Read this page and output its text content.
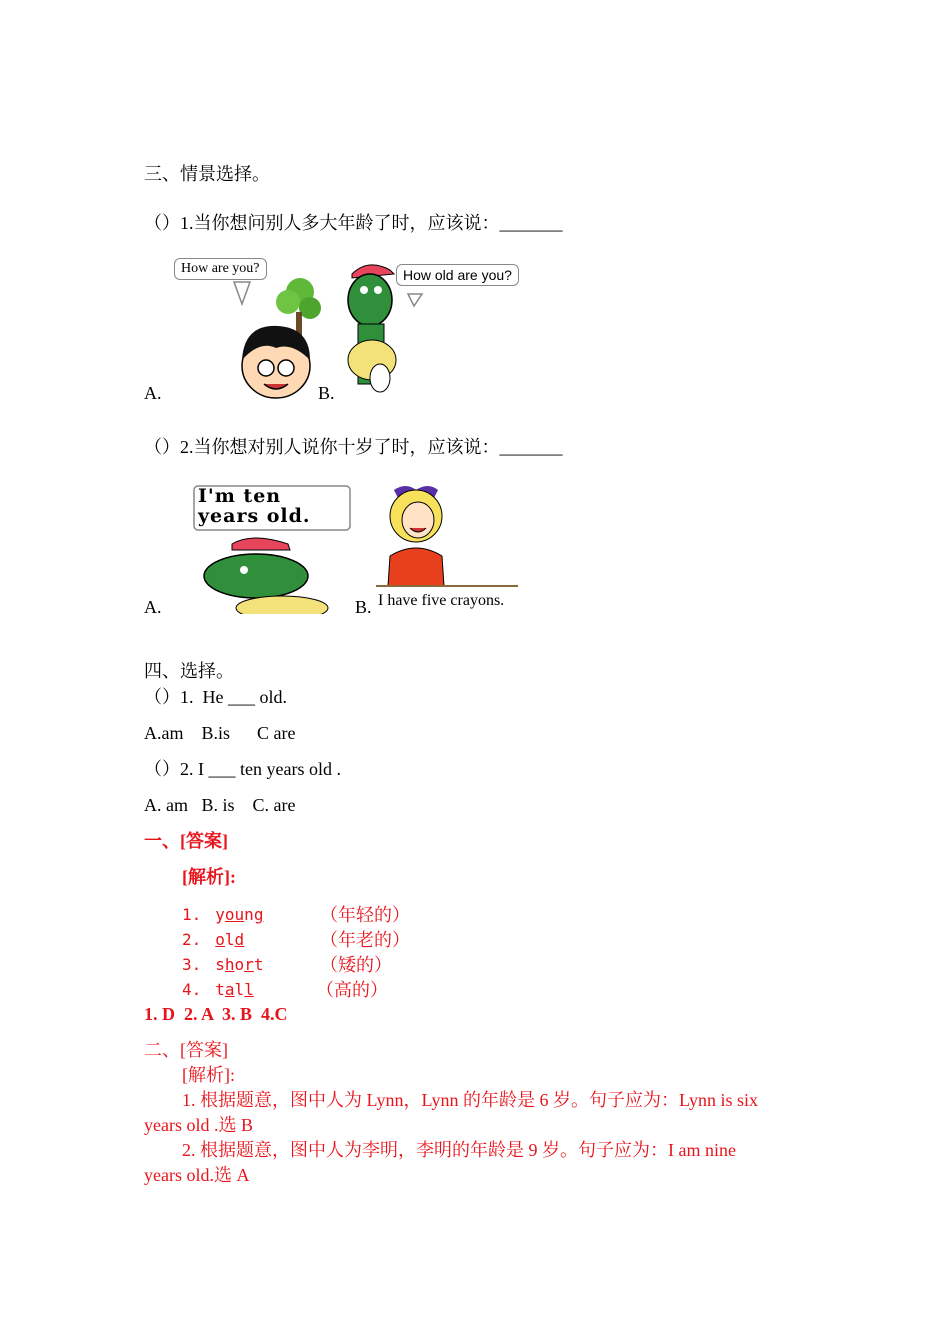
三、情景选择。
（）1.当你想问别人多大年龄了时，应该说：_______
How are you?
A.	B.
How old are you?
（）2.当你想对别人说你十岁了时，应该说：_______
I'm ten
years old.
A.	B. I have five crayons.
四、选择。
（）1.  He ___ old.
A.am    B.is      C are
（）2. I ___ ten years old .
A. am   B. is    C. are
一、[答案]
[解析]:
1. young	（年轻的）
2. old	（年老的）
3. short	（矮的）
4. tall	（高的）
1. D  2. A  3. B  4.C
二、[答案]
[解析]:
1. 根据题意，图中人为 Lynn，Lynn 的年龄是 6 岁。句子应为：Lynn is six
years old .选 B
2. 根据题意，图中人为李明，李明的年龄是 9 岁。句子应为：I am nine
years old.选 A
